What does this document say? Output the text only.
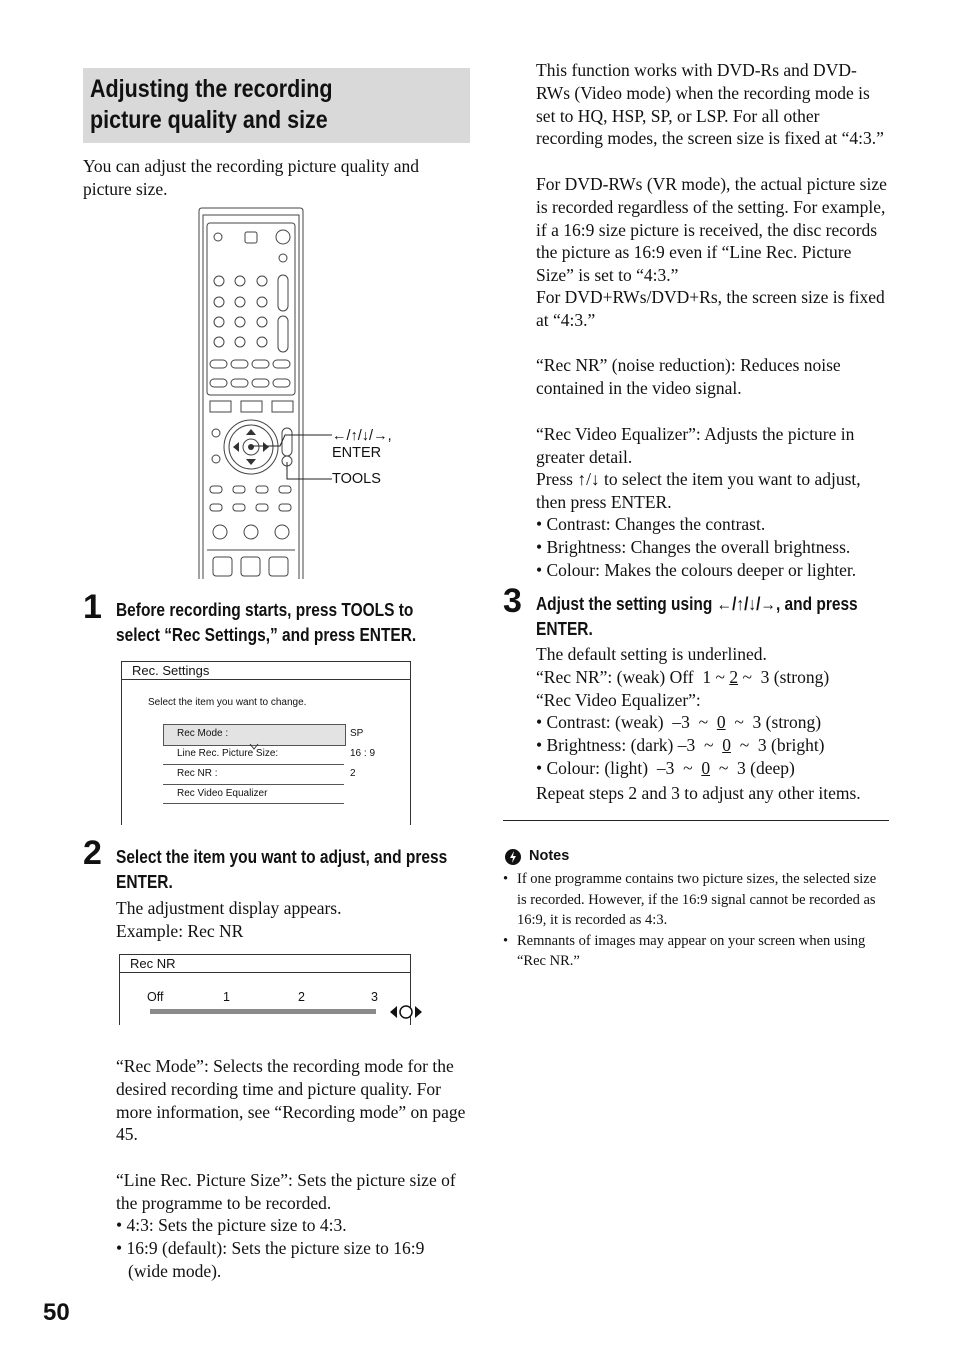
Adjusting the recording picture quality and size

You can adjust the recording picture quality and picture size.

←/↑/↓/→,
ENTER
TOOLS
1 Before recording starts, press TOOLS to select “Rec Settings,” and press ENTER.
Rec. Settings
Select the item you want to change.
Rec Mode :	SP
Line Rec. Picture Size:	16 : 9
Rec NR :	2
Rec Video Equalizer
2 Select the item you want to adjust, and press ENTER.

The adjustment display appears.

Example: Rec NR

Rec NR
Off	1	2	3

“Rec Mode”: Selects the recording mode for the desired recording time and picture quality. For more information, see “Recording mode” on page 45.

“Line Rec. Picture Size”: Sets the picture size of the programme to be recorded.

• 4:3: Sets the picture size to 4:3.

• 16:9 (default): Sets the picture size to 16:9 (wide mode).

50

This function works with DVD-Rs and DVD-RWs (Video mode) when the recording mode is set to HQ, HSP, SP, or LSP. For all other recording modes, the screen size is fixed at “4:3.”

For DVD-RWs (VR mode), the actual picture size is recorded regardless of the setting. For example, if a 16:9 size picture is received, the disc records the picture as 16:9 even if “Line Rec. Picture Size” is set to “4:3.”

For DVD+RWs/DVD+Rs, the screen size is fixed at “4:3.”

“Rec NR” (noise reduction): Reduces noise contained in the video signal.

“Rec Video Equalizer”: Adjusts the picture in greater detail.

Press ↑/↓ to select the item you want to adjust, then press ENTER.

• Contrast: Changes the contrast.

• Brightness: Changes the overall brightness.

• Colour: Makes the colours deeper or lighter.

3 Adjust the setting using ←/↑/↓/→, and press ENTER.

The default setting is underlined.

“Rec NR”: (weak) Off  1 ~ 2 ~  3 (strong)

“Rec Video Equalizer”:

• Contrast: (weak)  –3  ~  0  ~  3 (strong)

• Brightness: (dark) –3  ~  0  ~  3 (bright)

• Colour: (light)  –3  ~  0  ~  3 (deep)

Repeat steps 2 and 3 to adjust any other items.

Notes
• If one programme contains two picture sizes, the selected size is recorded. However, if the 16:9 signal cannot be recorded as 16:9, it is recorded as 4:3.
• Remnants of images may appear on your screen when using “Rec NR.”
